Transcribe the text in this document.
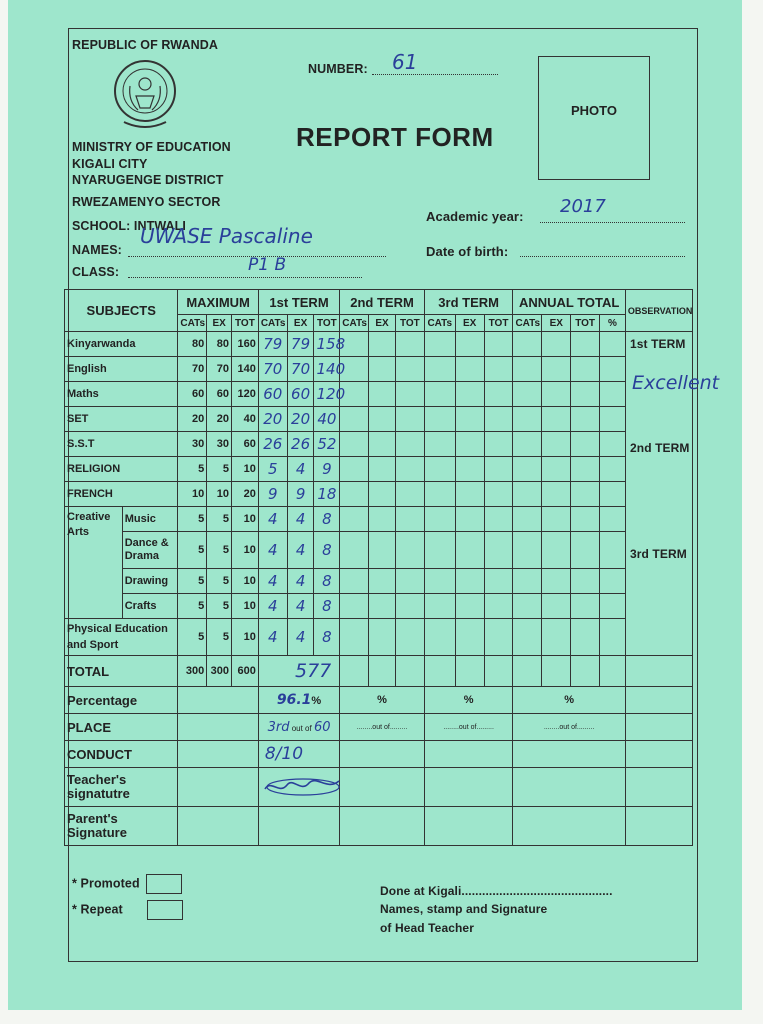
REPUBLIC OF RWANDA
NUMBER:	61
PHOTO
REPORT FORM
MINISTRY OF EDUCATION
KIGALI CITY
NYARUGENGE DISTRICT
RWEZAMENYO SECTOR
SCHOOL: INTWALI
NAMES:
UWASE Pascaline
CLASS:	P1 B
Academic year:	2017
Date of birth:
SUBJECTS		MAXIMUM			1st TERM			2nd TERM			3rd TERM			ANNUAL TOTAL				OBSERVATION
		CATs	EX	TOT	CATs	EX	TOT	CATs	EX	TOT	CATs	EX	TOT	CATs	EX	TOT	%	
Kinyarwanda		80	80	160	79	79	158											
English		70	70	140	70	70	140											
Maths		60	60	120	60	60	120											
SET		20	20	40	20	20	40											
S.S.T		30	30	60	26	26	52											
RELIGION		5	5	10	5	4	9											
FRENCH		10	10	20	9	9	18											
Creative Arts	Music	5	5	10	4	4	8											
	Dance & Drama	5	5	10	4	4	8											
	Drawing	5	5	10	4	4	8											
	Crafts	5	5	10	4	4	8											
Physical Education and Sport		5	5	10	4	4	8											
TOTAL		300	300	600	577													
Percentage					96.1%			%			%			%				
PLACE					3rd out of 60			........out of.........			........out of.........			........out of.........				
CONDUCT					8/10													
Teacher's signatutre						
Parent's Signature																		
1st TERM
Excellent
2nd TERM
3rd TERM
* Promoted
* Repeat
Done at Kigali............................................
Names, stamp and Signature
of Head Teacher
